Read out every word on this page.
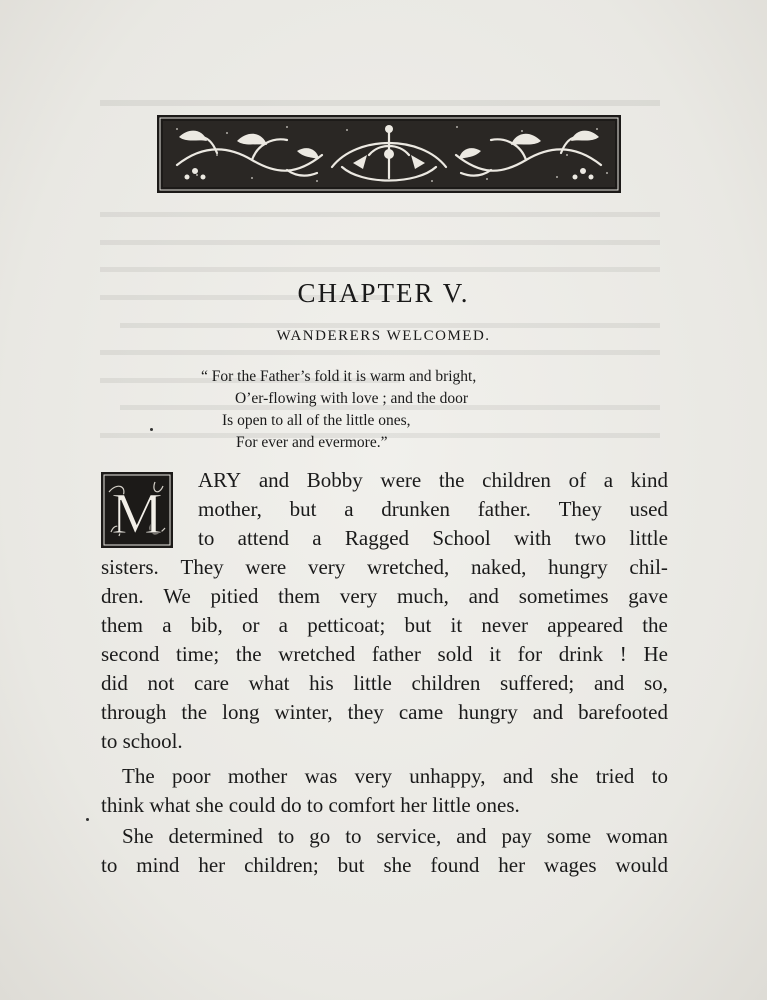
CHAPTER V.
WANDERERS WELCOMED.
“ For the Father’s fold it is warm and bright,
O’er-flowing with love ; and the door
Is open to all of the little ones,
For ever and evermore.”
M
ARY and Bobby were the children of a kind
mother, but a drunken father. They used
to attend a Ragged School with two little
sisters. They were very wretched, naked, hungry chil-
dren. We pitied them very much, and sometimes gave
them a bib, or a petticoat; but it never appeared the
second time; the wretched father sold it for drink ! He
did not care what his little children suffered; and so,
through the long winter, they came hungry and barefooted
to school.
The poor mother was very unhappy, and she tried to
think what she could do to comfort her little ones.
She determined to go to service, and pay some woman
to mind her children; but she found her wages would
